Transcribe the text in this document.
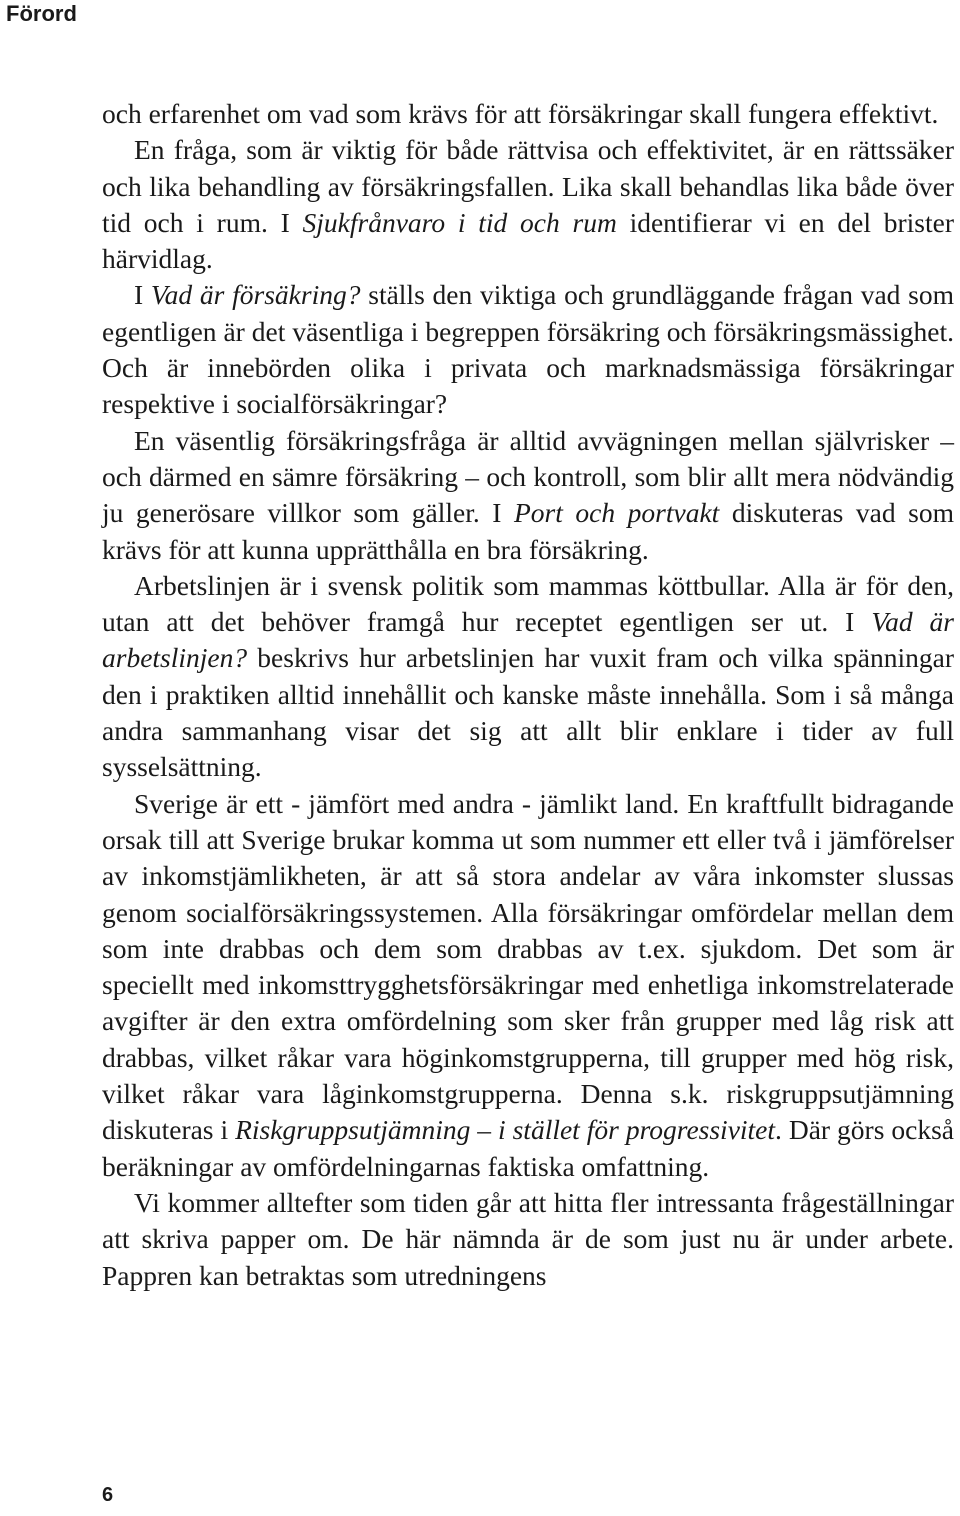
Förord

och erfarenhet om vad som krävs för att försäkringar skall fungera effektivt.

En fråga, som är viktig för både rättvisa och effektivitet, är en rättssäker och lika behandling av försäkringsfallen. Lika skall behandlas lika både över tid och i rum. I Sjukfrånvaro i tid och rum identifierar vi en del brister härvidlag.

I Vad är försäkring? ställs den viktiga och grundläggande frågan vad som egentligen är det väsentliga i begreppen försäkring och försäkringsmässighet. Och är innebörden olika i privata och marknadsmässiga försäkringar respektive i socialförsäkringar?

En väsentlig försäkringsfråga är alltid avvägningen mellan självrisker – och därmed en sämre försäkring – och kontroll, som blir allt mera nödvändig ju generösare villkor som gäller. I Port och portvakt diskuteras vad som krävs för att kunna upprätthålla en bra försäkring.

Arbetslinjen är i svensk politik som mammas köttbullar. Alla är för den, utan att det behöver framgå hur receptet egentligen ser ut. I Vad är arbetslinjen? beskrivs hur arbetslinjen har vuxit fram och vilka spänningar den i praktiken alltid innehållit och kanske måste innehålla. Som i så många andra sammanhang visar det sig att allt blir enklare i tider av full sysselsättning.

Sverige är ett - jämfört med andra - jämlikt land. En kraftfullt bidragande orsak till att Sverige brukar komma ut som nummer ett eller två i jämförelser av inkomstjämlikheten, är att så stora andelar av våra inkomster slussas genom socialförsäkringssystemen. Alla försäkringar omfördelar mellan dem som inte drabbas och dem som drabbas av t.ex. sjukdom. Det som är speciellt med inkomsttrygghetsförsäkringar med enhetliga inkomstrelaterade avgifter är den extra omfördelning som sker från grupper med låg risk att drabbas, vilket råkar vara höginkomstgrupperna, till grupper med hög risk, vilket råkar vara låginkomstgrupperna. Denna s.k. riskgruppsutjämning diskuteras i Riskgruppsutjämning – i stället för progressivitet. Där görs också beräkningar av omfördelningarnas faktiska omfattning.

Vi kommer alltefter som tiden går att hitta fler intressanta frågeställningar att skriva papper om. De här nämnda är de som just nu är under arbete. Pappren kan betraktas som utredningens

6
